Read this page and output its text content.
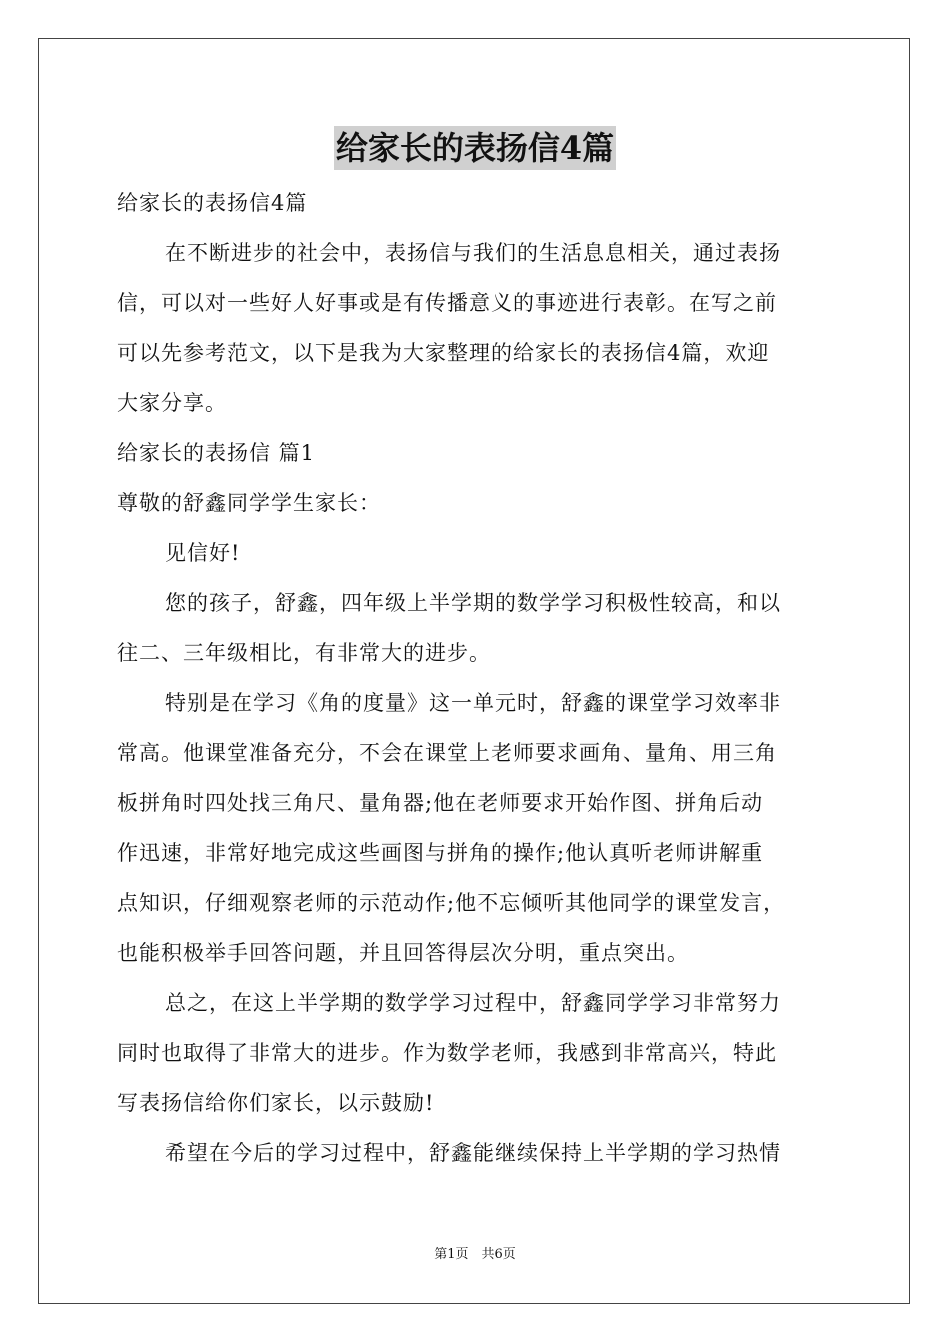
给家长的表扬信4篇
给家长的表扬信4篇
在不断进步的社会中，表扬信与我们的生活息息相关，通过表扬
信，可以对一些好人好事或是有传播意义的事迹进行表彰。在写之前
可以先参考范文，以下是我为大家整理的给家长的表扬信4篇，欢迎
大家分享。
给家长的表扬信 篇1
尊敬的舒鑫同学学生家长：
见信好!
您的孩子，舒鑫，四年级上半学期的数学学习积极性较高，和以
往二、三年级相比，有非常大的进步。
特别是在学习《角的度量》这一单元时，舒鑫的课堂学习效率非
常高。他课堂准备充分，不会在课堂上老师要求画角、量角、用三角
板拼角时四处找三角尺、量角器;他在老师要求开始作图、拼角后动
作迅速，非常好地完成这些画图与拼角的操作;他认真听老师讲解重
点知识，仔细观察老师的示范动作;他不忘倾听其他同学的课堂发言，
也能积极举手回答问题，并且回答得层次分明，重点突出。
总之，在这上半学期的数学学习过程中，舒鑫同学学习非常努力
同时也取得了非常大的进步。作为数学老师，我感到非常高兴，特此
写表扬信给你们家长，以示鼓励!
希望在今后的学习过程中，舒鑫能继续保持上半学期的学习热情
第1页　共6页
